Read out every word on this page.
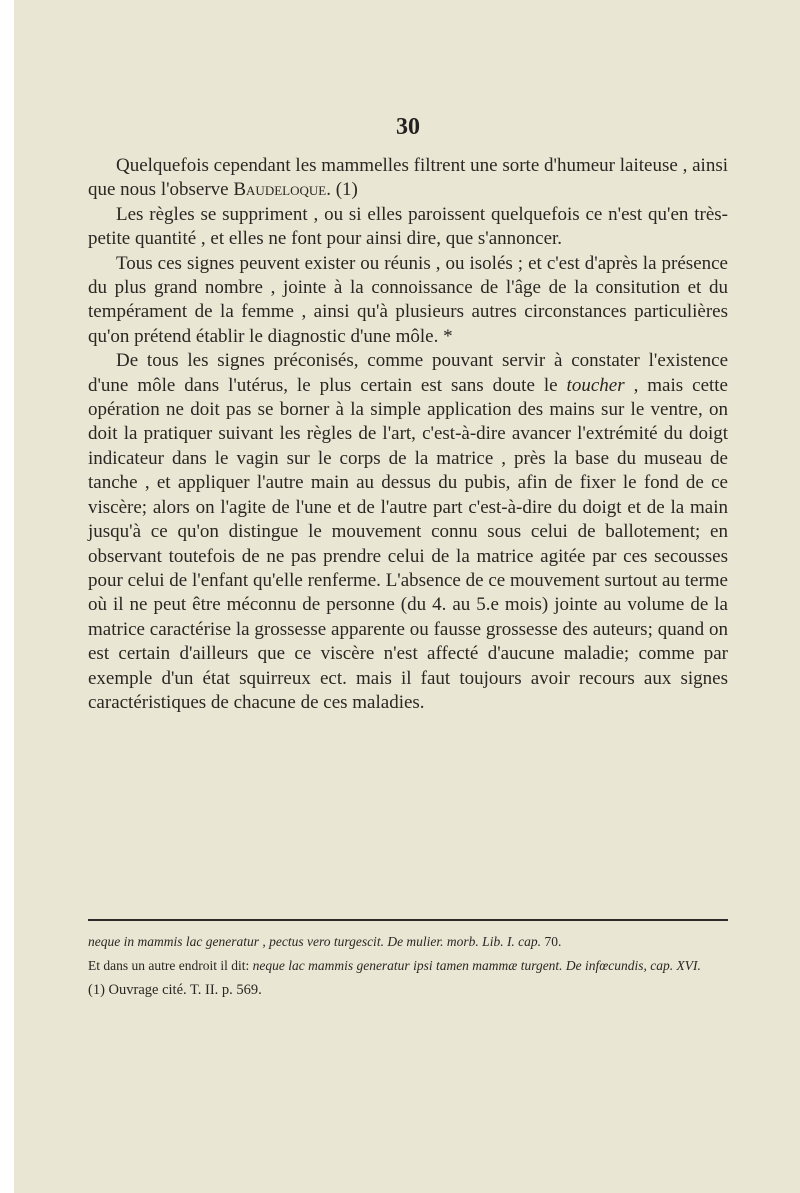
30

Quelquefois cependant les mammelles filtrent une sorte d'humeur laiteuse , ainsi que nous l'observe Baudeloque. (1)

Les règles se suppriment , ou si elles paroissent quelquefois ce n'est qu'en très-petite quantité , et elles ne font pour ainsi dire, que s'annoncer.

Tous ces signes peuvent exister ou réunis , ou isolés ; et c'est d'après la présence du plus grand nombre , jointe à la connoissance de l'âge de la consitution et du tempérament de la femme , ainsi qu'à plusieurs autres circonstances particulières qu'on prétend établir le diagnostic d'une môle. *

De tous les signes préconisés, comme pouvant servir à constater l'existence d'une môle dans l'utérus, le plus certain est sans doute le toucher , mais cette opération ne doit pas se borner à la simple application des mains sur le ventre, on doit la pratiquer suivant les règles de l'art, c'est-à-dire avancer l'extrémité du doigt indicateur dans le vagin sur le corps de la matrice , près la base du museau de tanche , et appliquer l'autre main au dessus du pubis, afin de fixer le fond de ce viscère; alors on l'agite de l'une et de l'autre part c'est-à-dire du doigt et de la main jusqu'à ce qu'on distingue le mouvement connu sous celui de ballotement; en observant toutefois de ne pas prendre celui de la matrice agitée par ces secousses pour celui de l'enfant qu'elle renferme. L'absence de ce mouvement surtout au terme où il ne peut être méconnu de personne (du 4. au 5.e mois) jointe au volume de la matrice caractérise la grossesse apparente ou fausse grossesse des auteurs; quand on est certain d'ailleurs que ce viscère n'est affecté d'aucune maladie; comme par exemple d'un état squirreux ect. mais il faut toujours avoir recours aux signes caractéristiques de chacune de ces maladies.

neque in mammis lac generatur , pectus vero turgescit. De mulier. morb. Lib. I. cap. 70.

Et dans un autre endroit il dit: neque lac mammis generatur ipsi tamen mammæ turgent. De infœcundis, cap. XVI.

(1) Ouvrage cité. T. II. p. 569.
